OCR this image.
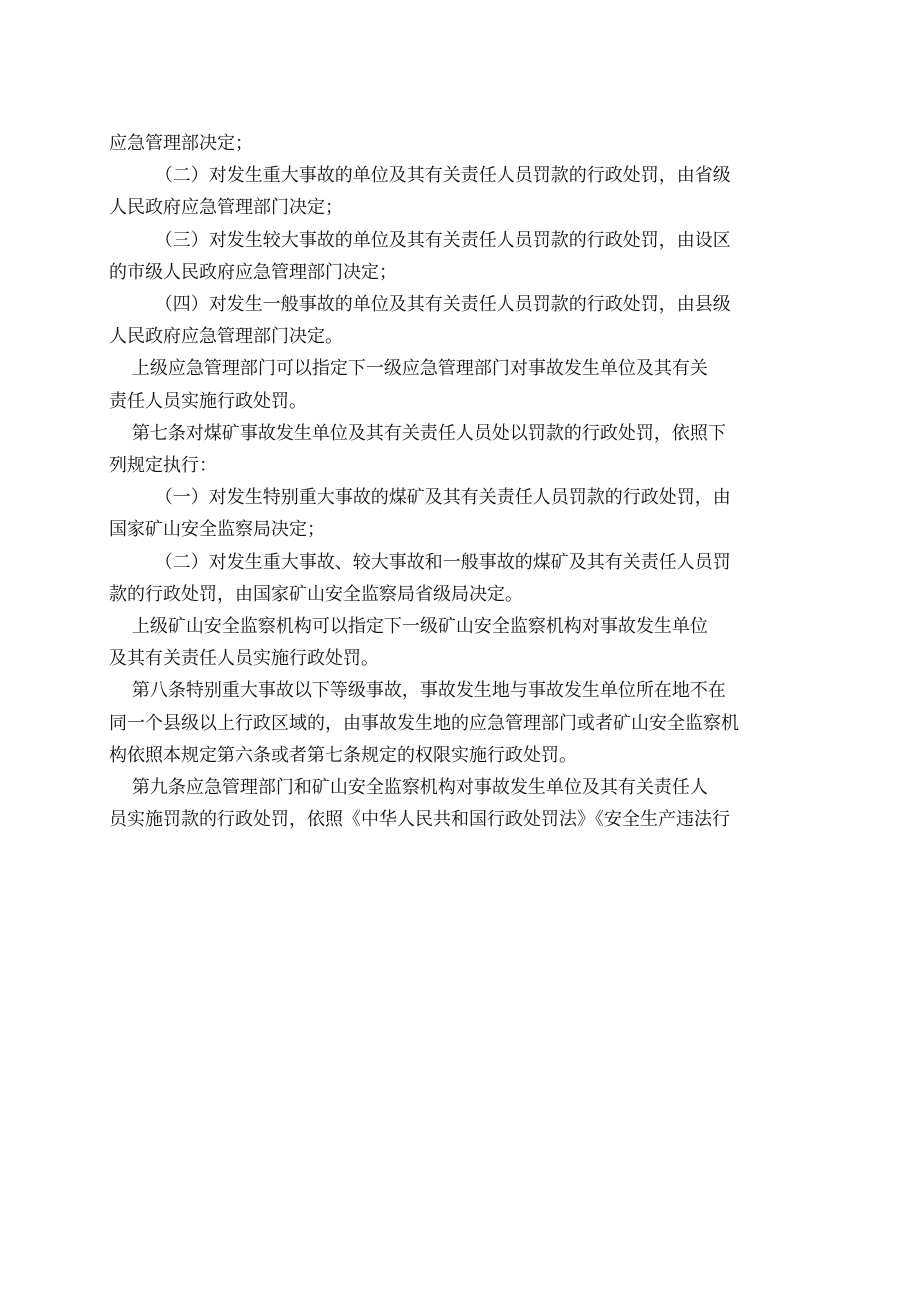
应急管理部决定；

（二）对发生重大事故的单位及其有关责任人员罚款的行政处罚，由省级

人民政府应急管理部门决定；

（三）对发生较大事故的单位及其有关责任人员罚款的行政处罚，由设区

的市级人民政府应急管理部门决定；

（四）对发生一般事故的单位及其有关责任人员罚款的行政处罚，由县级

人民政府应急管理部门决定。

上级应急管理部门可以指定下一级应急管理部门对事故发生单位及其有关

责任人员实施行政处罚。

第七条对煤矿事故发生单位及其有关责任人员处以罚款的行政处罚，依照下

列规定执行：

（一）对发生特别重大事故的煤矿及其有关责任人员罚款的行政处罚，由

国家矿山安全监察局决定；

（二）对发生重大事故、较大事故和一般事故的煤矿及其有关责任人员罚

款的行政处罚，由国家矿山安全监察局省级局决定。

上级矿山安全监察机构可以指定下一级矿山安全监察机构对事故发生单位

及其有关责任人员实施行政处罚。

第八条特别重大事故以下等级事故，事故发生地与事故发生单位所在地不在

同一个县级以上行政区域的，由事故发生地的应急管理部门或者矿山安全监察机

构依照本规定第六条或者第七条规定的权限实施行政处罚。

第九条应急管理部门和矿山安全监察机构对事故发生单位及其有关责任人

员实施罚款的行政处罚，依照《中华人民共和国行政处罚法》《安全生产违法行
